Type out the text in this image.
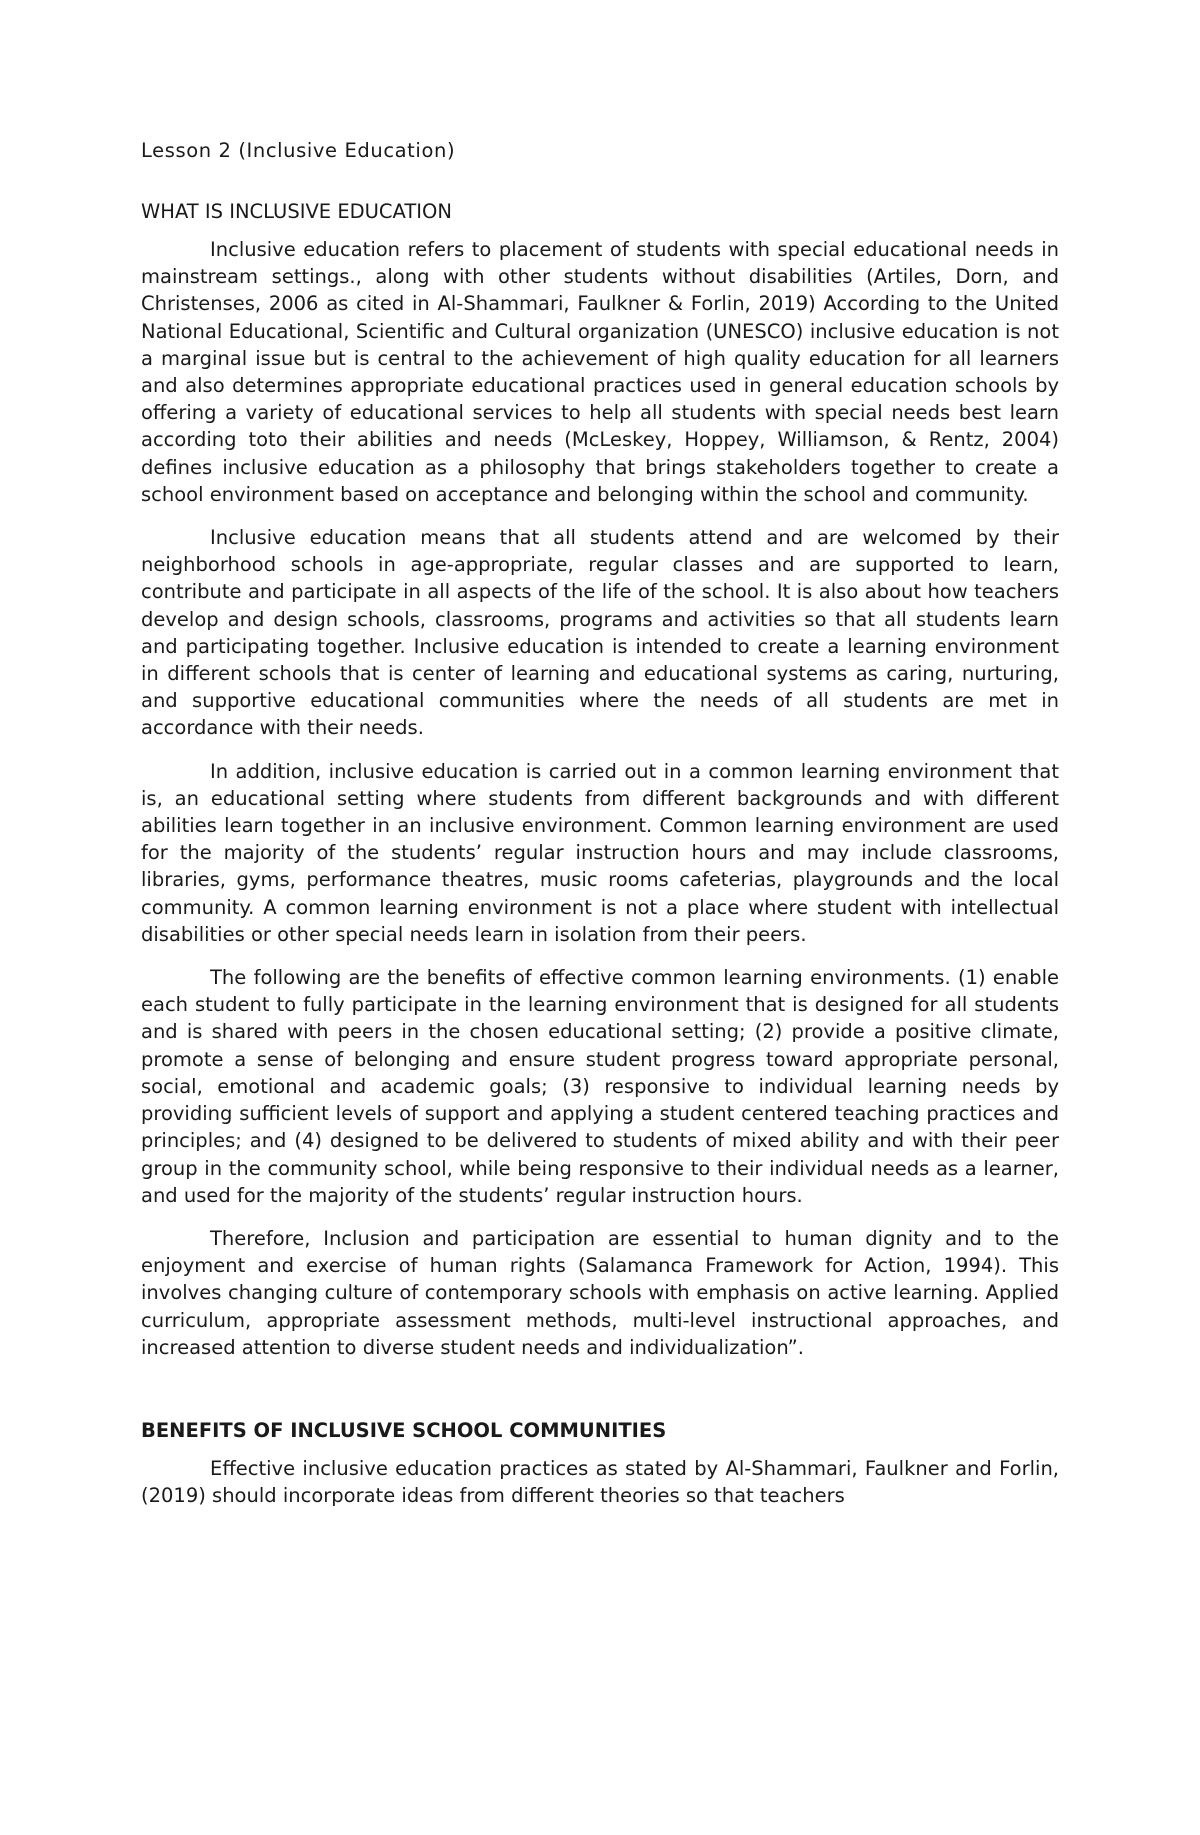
Lesson 2 (Inclusive Education)
WHAT IS INCLUSIVE EDUCATION

Inclusive education refers to placement of students with special educational needs in mainstream settings., along with other students without disabilities (Artiles, Dorn, and Christenses, 2006 as cited in Al-Shammari, Faulkner & Forlin, 2019) According to the United National Educational, Scientific and Cultural organization (UNESCO) inclusive education is not a marginal issue but is central to the achievement of high quality education for all learners and also determines appropriate educational practices used in general education schools by offering a variety of educational services to help all students with special needs best learn according toto their abilities and needs (McLeskey, Hoppey, Williamson, & Rentz, 2004) defines inclusive education as a philosophy that brings stakeholders together to create a school environment based on acceptance and belonging within the school and community.

Inclusive education means that all students attend and are welcomed by their neighborhood schools in age-appropriate, regular classes and are supported to learn, contribute and participate in all aspects of the life of the school. It is also about how teachers develop and design schools, classrooms, programs and activities so that all students learn and participating together. Inclusive education is intended to create a learning environment in different schools that is center of learning and educational systems as caring, nurturing, and supportive educational communities where the needs of all students are met in accordance with their needs.

In addition, inclusive education is carried out in a common learning environment that is, an educational setting where students from different backgrounds and with different abilities learn together in an inclusive environment. Common learning environment are used for the majority of the students’ regular instruction hours and may include classrooms, libraries, gyms, performance theatres, music rooms cafeterias, playgrounds and the local community. A common learning environment is not a place where student with intellectual disabilities or other special needs learn in isolation from their peers.

The following are the benefits of effective common learning environments. (1) enable each student to fully participate in the learning environment that is designed for all students and is shared with peers in the chosen educational setting; (2) provide a positive climate, promote a sense of belonging and ensure student progress toward appropriate personal, social, emotional and academic goals; (3) responsive to individual learning needs by providing sufficient levels of support and applying a student centered teaching practices and principles; and (4) designed to be delivered to students of mixed ability and with their peer group in the community school, while being responsive to their individual needs as a learner, and used for the majority of the students’ regular instruction hours.

Therefore, Inclusion and participation are essential to human dignity and to the enjoyment and exercise of human rights (Salamanca Framework for Action, 1994). This involves changing culture of contemporary schools with emphasis on active learning. Applied curriculum, appropriate assessment methods, multi-level instructional approaches, and increased attention to diverse student needs and individualization”.

BENEFITS OF INCLUSIVE SCHOOL COMMUNITIES

Effective inclusive education practices as stated by Al-Shammari, Faulkner and Forlin, (2019) should incorporate ideas from different theories so that teachers
